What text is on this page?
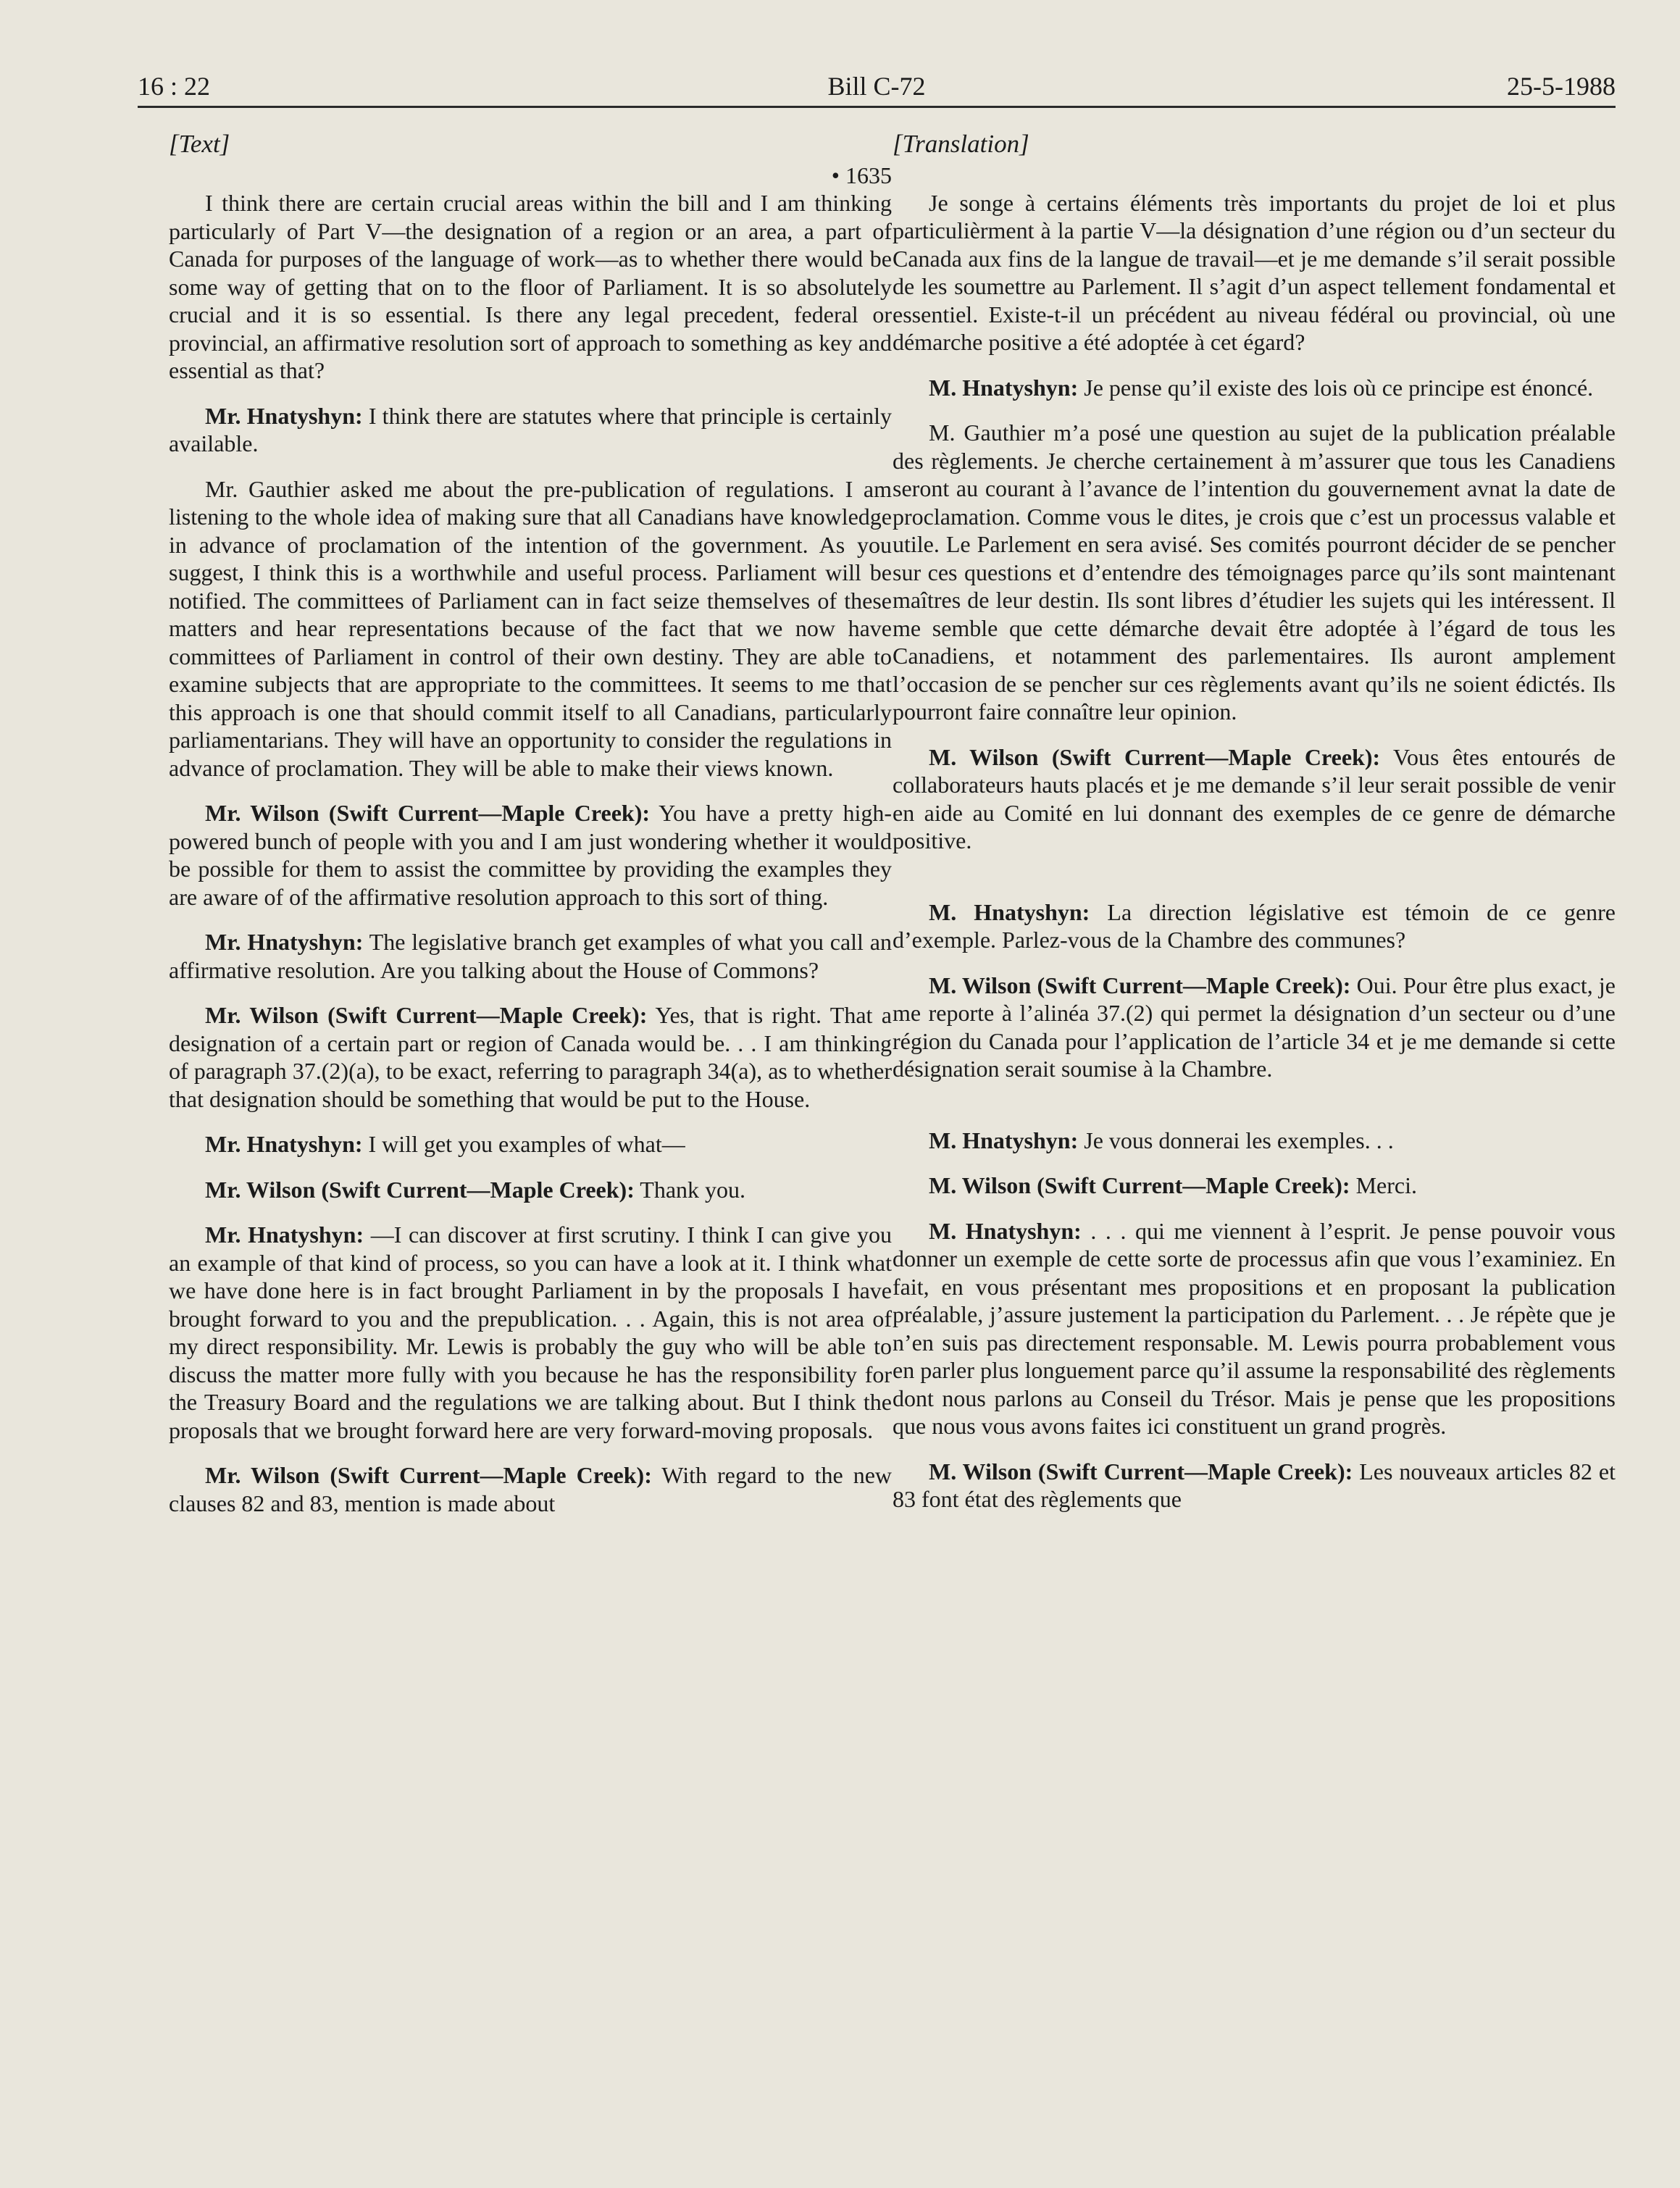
16 : 22	Bill C-72	25-5-1988
[Text]
• 1635
I think there are certain crucial areas within the bill and I am thinking particularly of Part V—the designation of a region or an area, a part of Canada for purposes of the language of work—as to whether there would be some way of getting that on to the floor of Parliament. It is so absolutely crucial and it is so essential. Is there any legal precedent, federal or provincial, an affirmative resolution sort of approach to something as key and essential as that?
Mr. Hnatyshyn: I think there are statutes where that principle is certainly available.
Mr. Gauthier asked me about the pre-publication of regulations. I am listening to the whole idea of making sure that all Canadians have knowledge in advance of proclamation of the intention of the government. As you suggest, I think this is a worthwhile and useful process. Parliament will be notified. The committees of Parliament can in fact seize themselves of these matters and hear representations because of the fact that we now have committees of Parliament in control of their own destiny. They are able to examine subjects that are appropriate to the committees. It seems to me that this approach is one that should commit itself to all Canadians, particularly parliamentarians. They will have an opportunity to consider the regulations in advance of proclamation. They will be able to make their views known.
Mr. Wilson (Swift Current—Maple Creek): You have a pretty high-powered bunch of people with you and I am just wondering whether it would be possible for them to assist the committee by providing the examples they are aware of of the affirmative resolution approach to this sort of thing.
Mr. Hnatyshyn: The legislative branch get examples of what you call an affirmative resolution. Are you talking about the House of Commons?
Mr. Wilson (Swift Current—Maple Creek): Yes, that is right. That a designation of a certain part or region of Canada would be. . . I am thinking of paragraph 37.(2)(a), to be exact, referring to paragraph 34(a), as to whether that designation should be something that would be put to the House.
Mr. Hnatyshyn: I will get you examples of what—
Mr. Wilson (Swift Current—Maple Creek): Thank you.
Mr. Hnatyshyn: —I can discover at first scrutiny. I think I can give you an example of that kind of process, so you can have a look at it. I think what we have done here is in fact brought Parliament in by the proposals I have brought forward to you and the prepublication. . . Again, this is not area of my direct responsibility. Mr. Lewis is probably the guy who will be able to discuss the matter more fully with you because he has the responsibility for the Treasury Board and the regulations we are talking about. But I think the proposals that we brought forward here are very forward-moving proposals.
Mr. Wilson (Swift Current—Maple Creek): With regard to the new clauses 82 and 83, mention is made about
[Translation]
Je songe à certains éléments très importants du projet de loi et plus particulièrment à la partie V—la désignation d’une région ou d’un secteur du Canada aux fins de la langue de travail—et je me demande s’il serait possible de les soumettre au Parlement. Il s’agit d’un aspect tellement fondamental et essentiel. Existe-t-il un précédent au niveau fédéral ou provincial, où une démarche positive a été adoptée à cet égard?
M. Hnatyshyn: Je pense qu’il existe des lois où ce principe est énoncé.
M. Gauthier m’a posé une question au sujet de la publication préalable des règlements. Je cherche certainement à m’assurer que tous les Canadiens seront au courant à l’avance de l’intention du gouvernement avnat la date de proclamation. Comme vous le dites, je crois que c’est un processus valable et utile. Le Parlement en sera avisé. Ses comités pourront décider de se pencher sur ces questions et d’entendre des témoignages parce qu’ils sont maintenant maîtres de leur destin. Ils sont libres d’étudier les sujets qui les intéressent. Il me semble que cette démarche devait être adoptée à l’égard de tous les Canadiens, et notamment des parlementaires. Ils auront amplement l’occasion de se pencher sur ces règlements avant qu’ils ne soient édictés. Ils pourront faire connaître leur opinion.
M. Wilson (Swift Current—Maple Creek): Vous êtes entourés de collaborateurs hauts placés et je me demande s’il leur serait possible de venir en aide au Comité en lui donnant des exemples de ce genre de démarche positive.
M. Hnatyshyn: La direction législative est témoin de ce genre d’exemple. Parlez-vous de la Chambre des communes?
M. Wilson (Swift Current—Maple Creek): Oui. Pour être plus exact, je me reporte à l’alinéa 37.(2) qui permet la désignation d’un secteur ou d’une région du Canada pour l’application de l’article 34 et je me demande si cette désignation serait soumise à la Chambre.
M. Hnatyshyn: Je vous donnerai les exemples. . .
M. Wilson (Swift Current—Maple Creek): Merci.
M. Hnatyshyn: . . . qui me viennent à l’esprit. Je pense pouvoir vous donner un exemple de cette sorte de processus afin que vous l’examiniez. En fait, en vous présentant mes propositions et en proposant la publication préalable, j’assure justement la participation du Parlement. . . Je répète que je n’en suis pas directement responsable. M. Lewis pourra probablement vous en parler plus longuement parce qu’il assume la responsabilité des règlements dont nous parlons au Conseil du Trésor. Mais je pense que les propositions que nous vous avons faites ici constituent un grand progrès.
M. Wilson (Swift Current—Maple Creek): Les nouveaux articles 82 et 83 font état des règlements que
